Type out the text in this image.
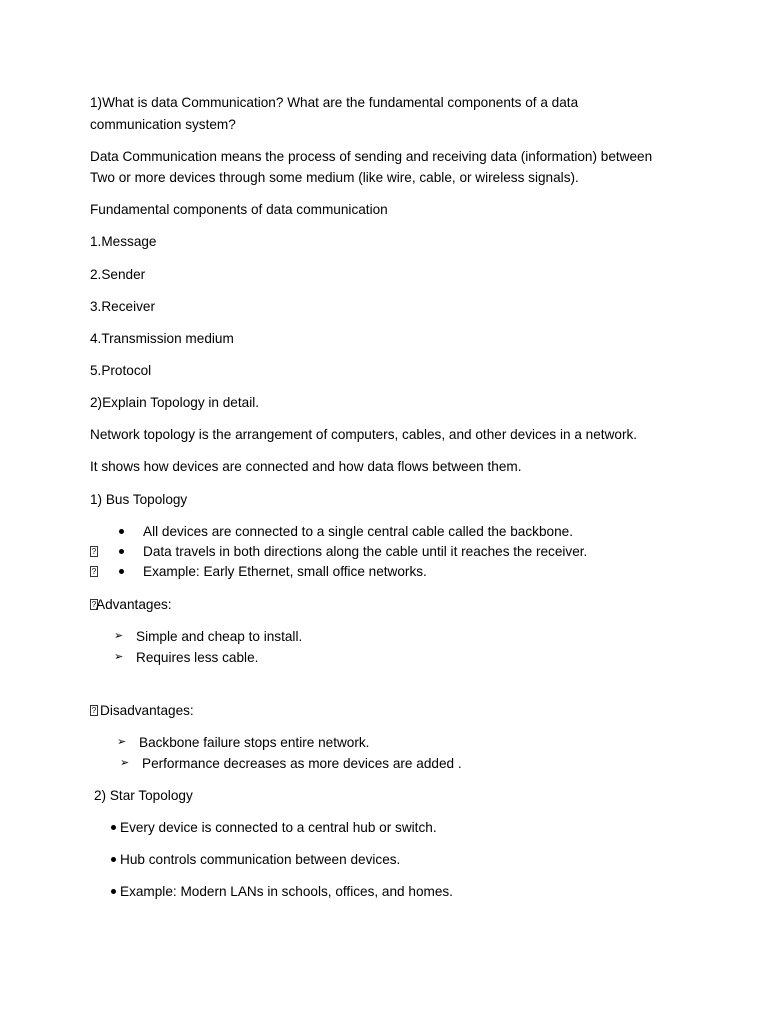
1)What is data Communication? What are the fundamental components of a data
communication system?
Data Communication means the process of sending and receiving data (information) between
Two or more devices through some medium (like wire, cable, or wireless signals).
Fundamental components of data communication
1.Message
2.Sender
3.Receiver
4.Transmission medium
5.Protocol
2)Explain Topology in detail.
Network topology is the arrangement of computers, cables, and other devices in a network.
It shows how devices are connected and how data flows between them.
1) Bus Topology
All devices are connected to a single central cable called the backbone.
?	Data travels in both directions along the cable until it reaches the receiver.
?	Example: Early Ethernet, small office networks.
? Advantages:
➢ Simple and cheap to install.
➢ Requires less cable.
? Disadvantages:
➢ Backbone failure stops entire network.
➢ Performance decreases as more devices are added .
2) Star Topology
Every device is connected to a central hub or switch.
Hub controls communication between devices.
Example: Modern LANs in schools, offices, and homes.
